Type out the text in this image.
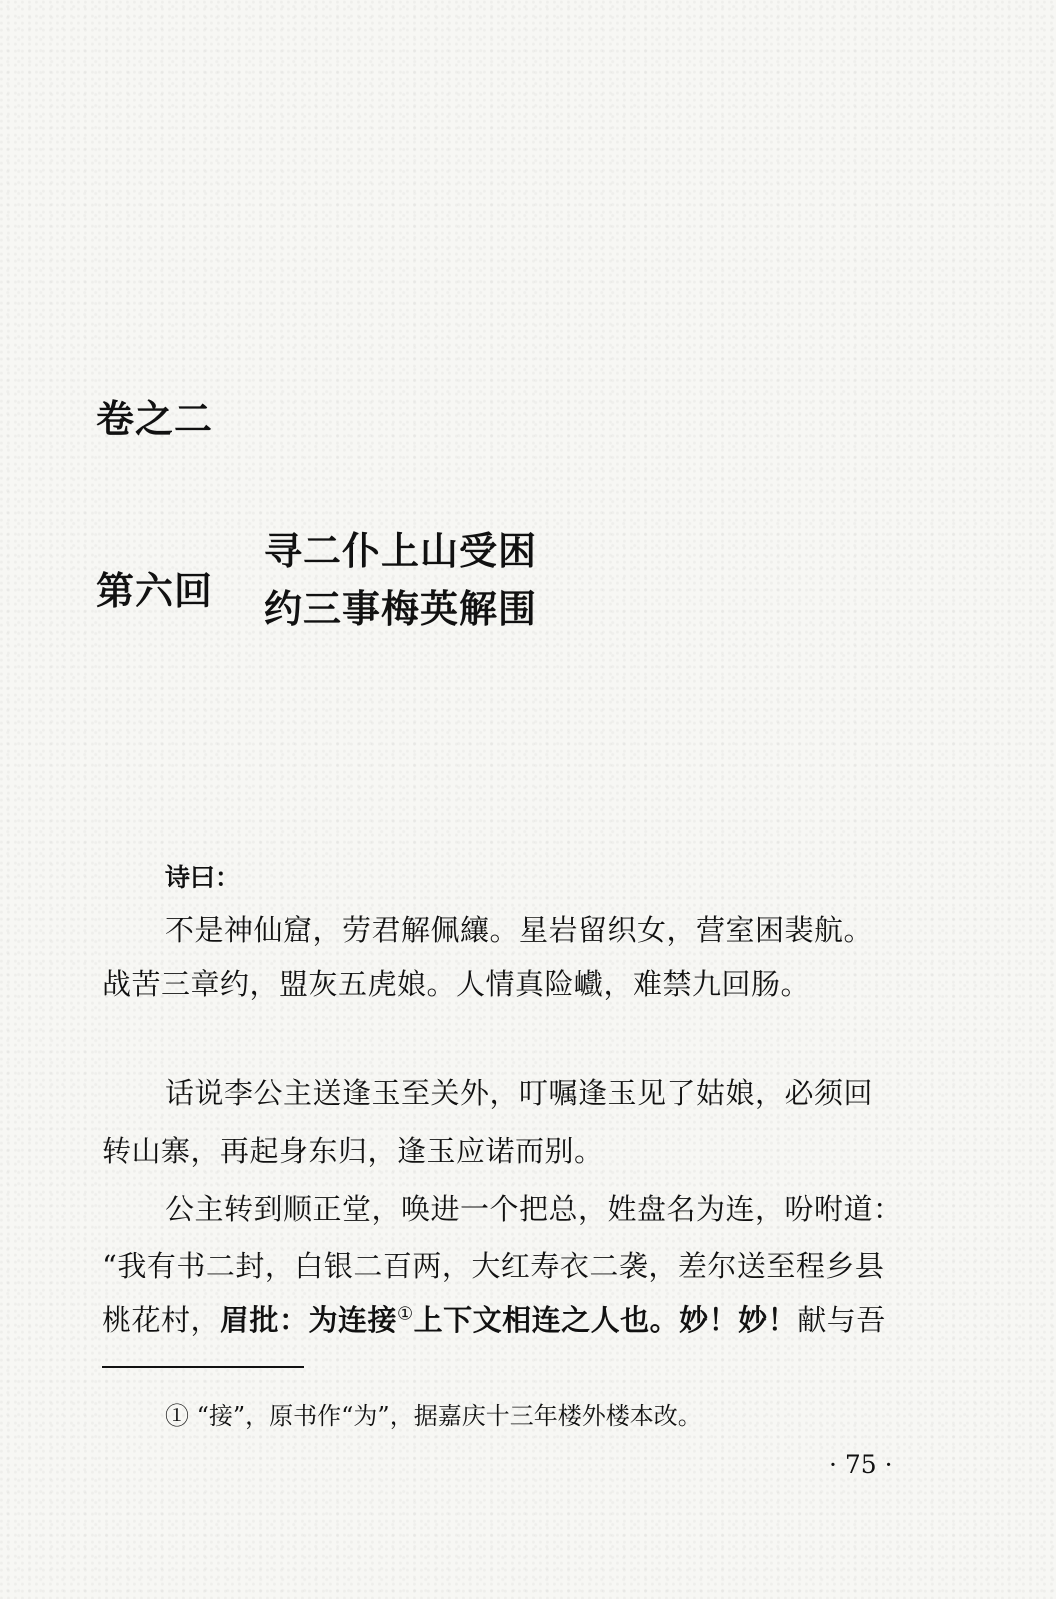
卷之二
第六回
寻二仆上山受困
约三事梅英解围
诗曰：
不是神仙窟，劳君解佩纕。星岩留织女，营室困裴航。
战苦三章约，盟灰五虎娘。人情真险巇，难禁九回肠。
话说李公主送逢玉至关外，叮嘱逢玉见了姑娘，必须回
转山寨，再起身东归，逢玉应诺而别。
公主转到顺正堂，唤进一个把总，姓盘名为连，吩咐道：
“我有书二封，白银二百两，大红寿衣二袭，差尔送至程乡县
桃花村，眉批：为连接①上下文相连之人也。妙！妙！献与吾
① “接”，原书作“为”，据嘉庆十三年楼外楼本改。
· 75 ·
